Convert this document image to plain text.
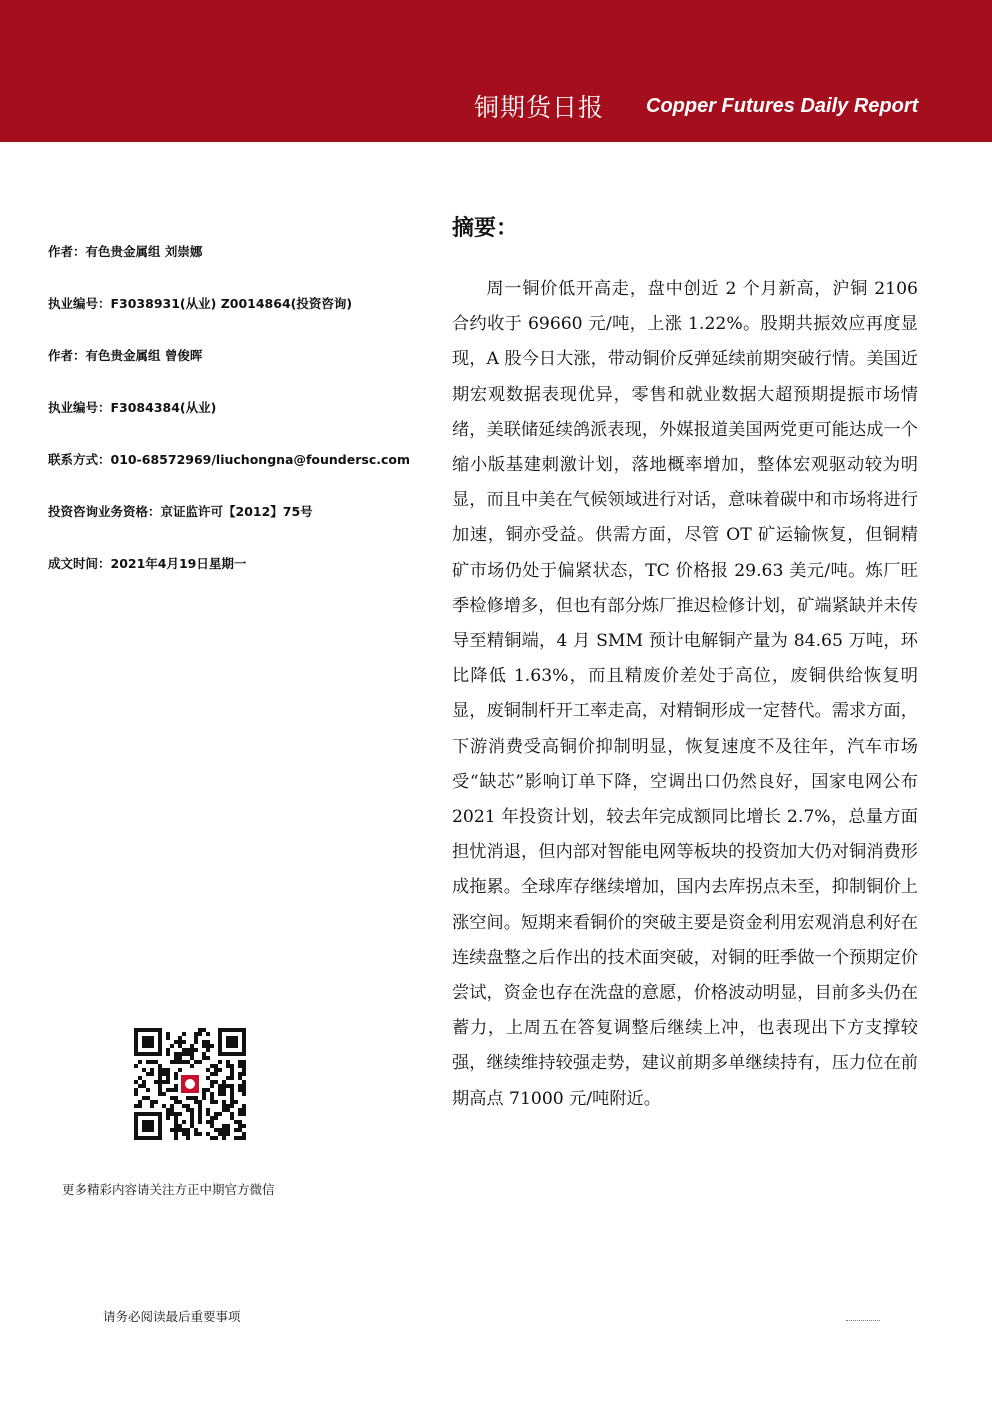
铜期货日报 Copper Futures Daily Report
作者：有色贵金属组 刘崇娜
执业编号：F3038931(从业) Z0014864(投资咨询)
作者：有色贵金属组 曾俊晖
执业编号：F3084384(从业)
联系方式：010-68572969/liuchongna@foundersc.com
投资咨询业务资格：京证监许可【2012】75号
成文时间：2021年4月19日星期一
摘要：

周一铜价低开高走，盘中创近 2 个月新高，沪铜 2106 合约收于 69660 元/吨，上涨 1.22%。股期共振效应再度显现，A 股今日大涨，带动铜价反弹延续前期突破行情。美国近期宏观数据表现优异，零售和就业数据大超预期提振市场情绪，美联储延续鸽派表现，外媒报道美国两党更可能达成一个缩小版基建刺激计划，落地概率增加，整体宏观驱动较为明显，而且中美在气候领域进行对话，意味着碳中和市场将进行加速，铜亦受益。供需方面，尽管 OT 矿运输恢复，但铜精矿市场仍处于偏紧状态，TC 价格报 29.63 美元/吨。炼厂旺季检修增多，但也有部分炼厂推迟检修计划，矿端紧缺并未传导至精铜端，4 月 SMM 预计电解铜产量为 84.65 万吨，环比降低 1.63%，而且精废价差处于高位，废铜供给恢复明显，废铜制杆开工率走高，对精铜形成一定替代。需求方面，下游消费受高铜价抑制明显，恢复速度不及往年，汽车市场受“缺芯”影响订单下降，空调出口仍然良好，国家电网公布 2021 年投资计划，较去年完成额同比增长 2.7%，总量方面担忧消退，但内部对智能电网等板块的投资加大仍对铜消费形成拖累。全球库存继续增加，国内去库拐点未至，抑制铜价上涨空间。短期来看铜价的突破主要是资金利用宏观消息利好在连续盘整之后作出的技术面突破，对铜的旺季做一个预期定价尝试，资金也存在洗盘的意愿，价格波动明显，目前多头仍在蓄力，上周五在答复调整后继续上冲，也表现出下方支撑较强，继续维持较强走势，建议前期多单继续持有，压力位在前期高点 71000 元/吨附近。

更多精彩内容请关注方正中期官方微信
请务必阅读最后重要事项
